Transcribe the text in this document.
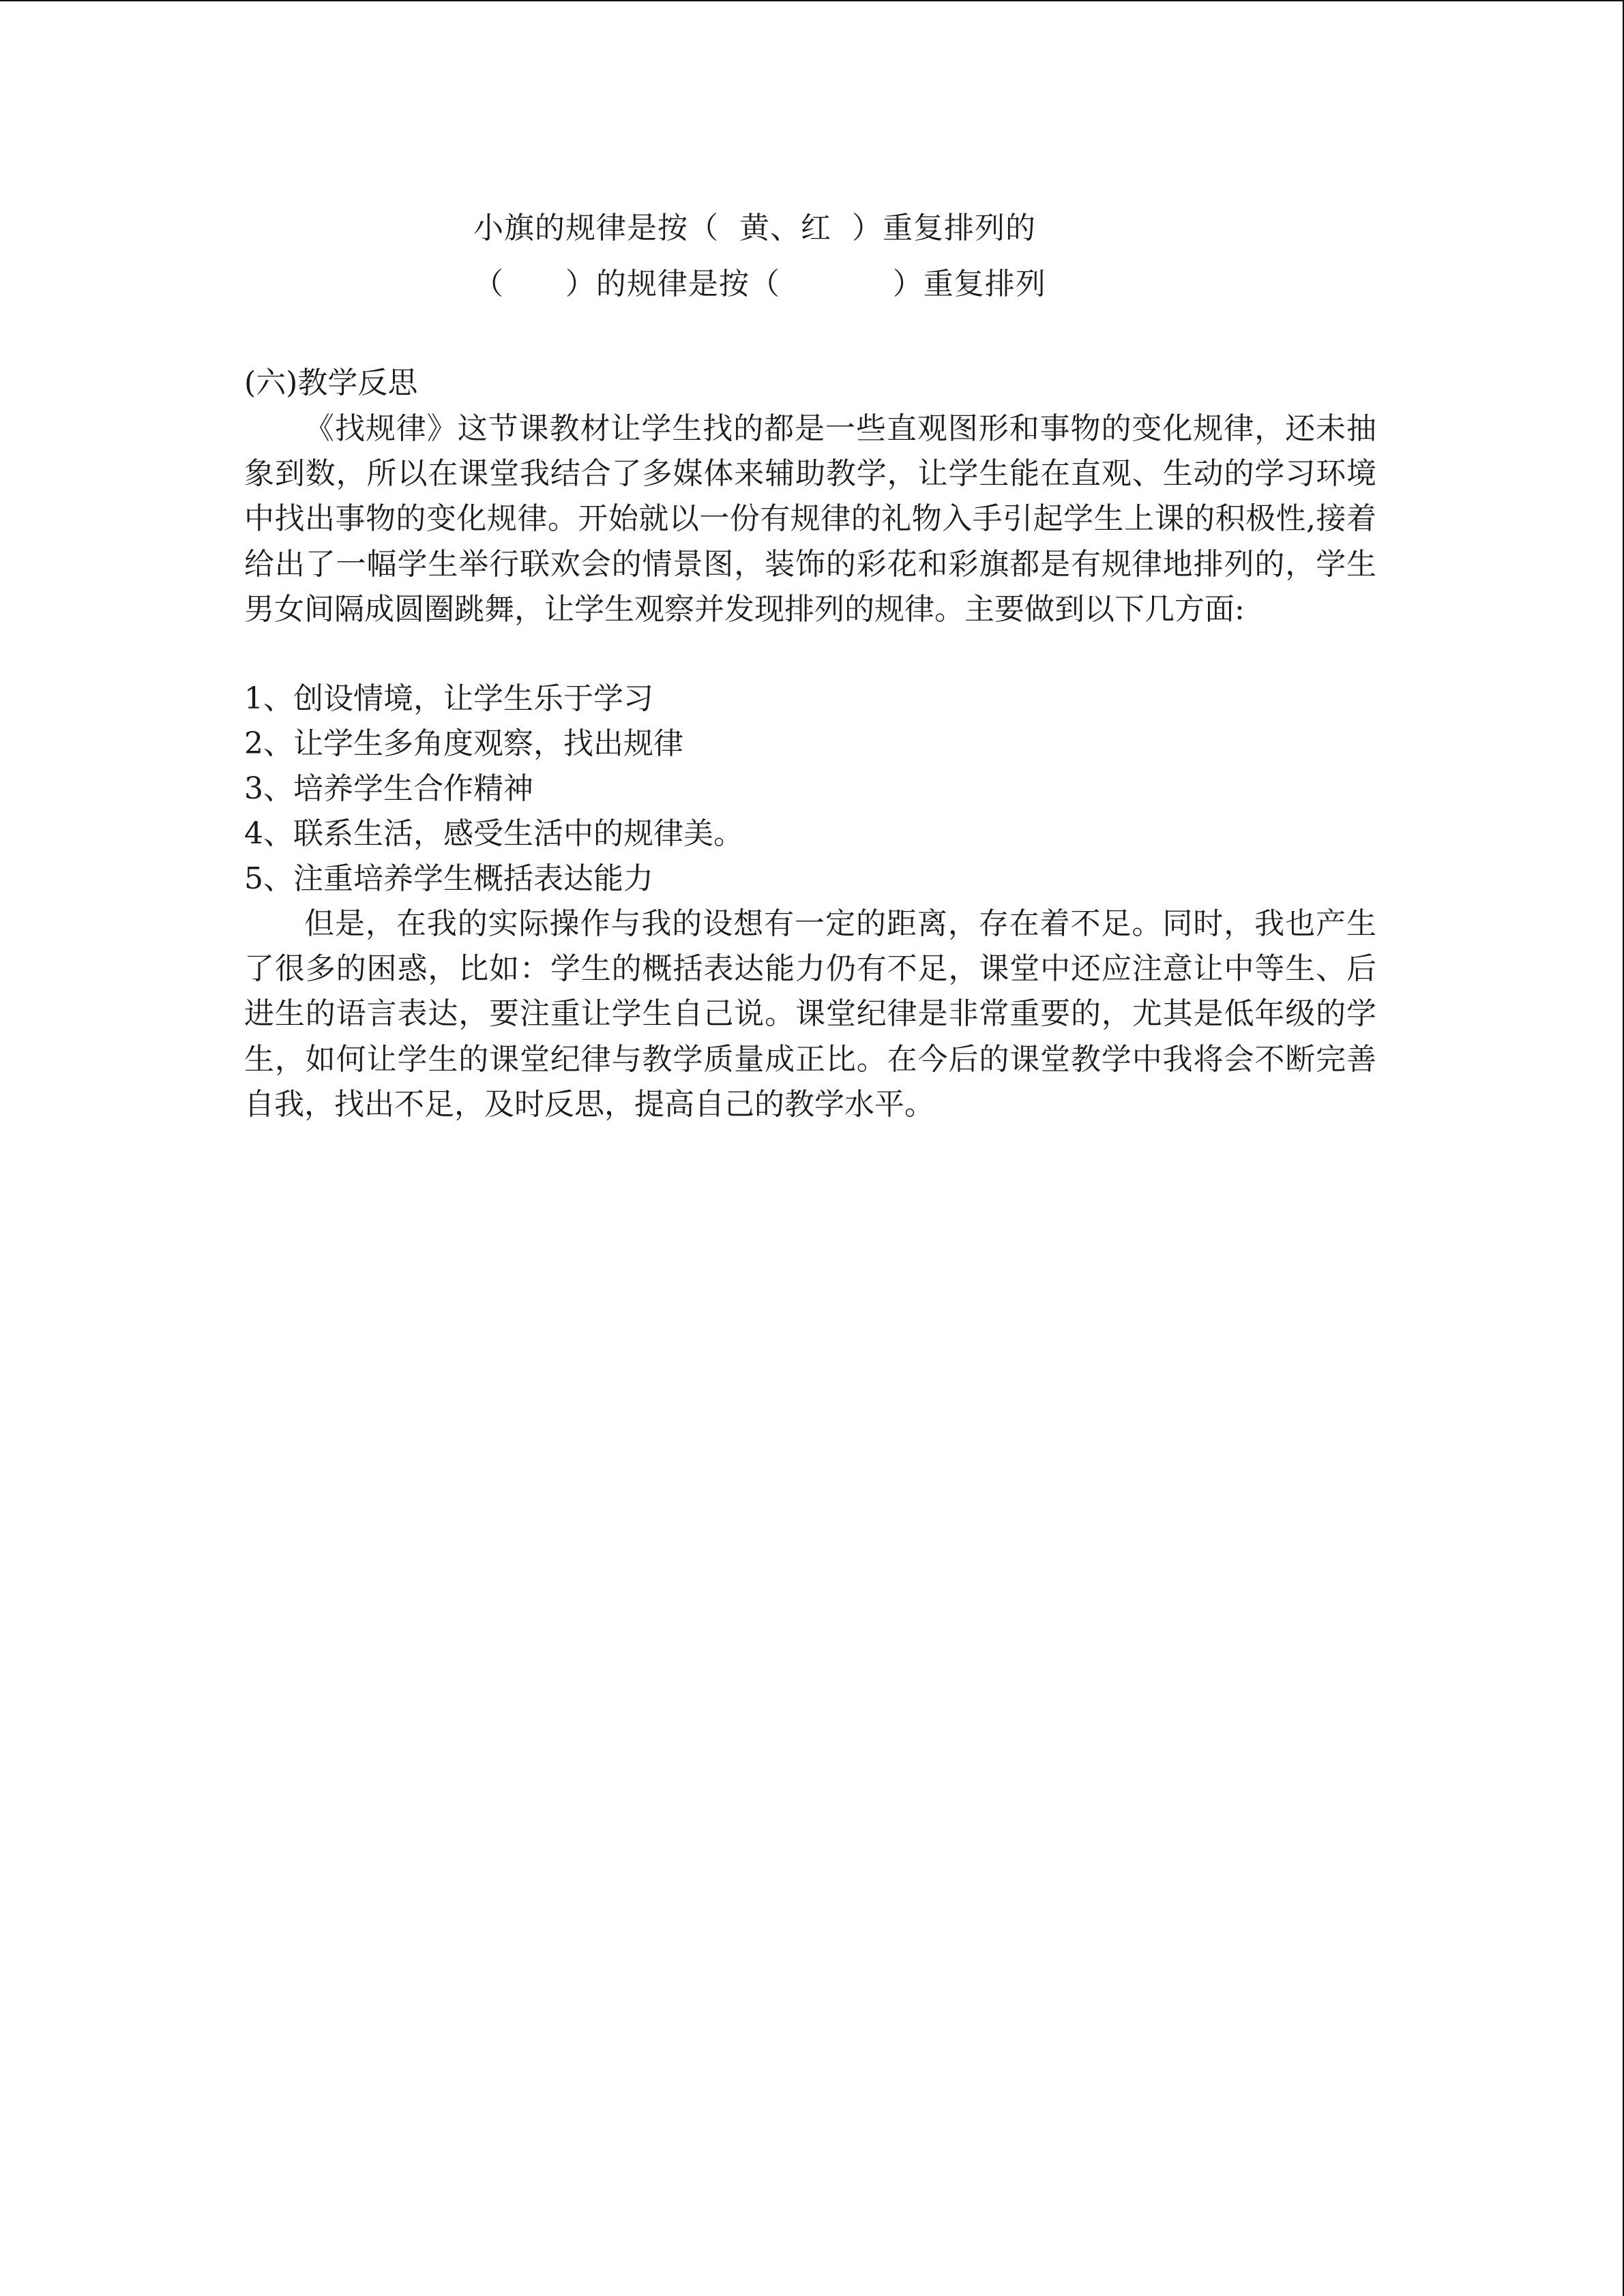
小旗的规律是按（  黄、红  ）重复排列的
（      ）的规律是按（           ）重复排列
(六)教学反思

《找规律》这节课教材让学生找的都是一些直观图形和事物的变化规律，还未抽象到数，所以在课堂我结合了多媒体来辅助教学，让学生能在直观、生动的学习环境中找出事物的变化规律。开始就以一份有规律的礼物入手引起学生上课的积极性,接着给出了一幅学生举行联欢会的情景图，装饰的彩花和彩旗都是有规律地排列的，学生男女间隔成圆圈跳舞，让学生观察并发现排列的规律。主要做到以下几方面:

1、创设情境，让学生乐于学习
2、让学生多角度观察，找出规律
3、培养学生合作精神
4、联系生活，感受生活中的规律美。
5、注重培养学生概括表达能力

但是，在我的实际操作与我的设想有一定的距离，存在着不足。同时，我也产生了很多的困惑，比如：学生的概括表达能力仍有不足，课堂中还应注意让中等生、后进生的语言表达，要注重让学生自己说。课堂纪律是非常重要的，尤其是低年级的学生，如何让学生的课堂纪律与教学质量成正比。在今后的课堂教学中我将会不断完善自我，找出不足，及时反思，提高自己的教学水平。
